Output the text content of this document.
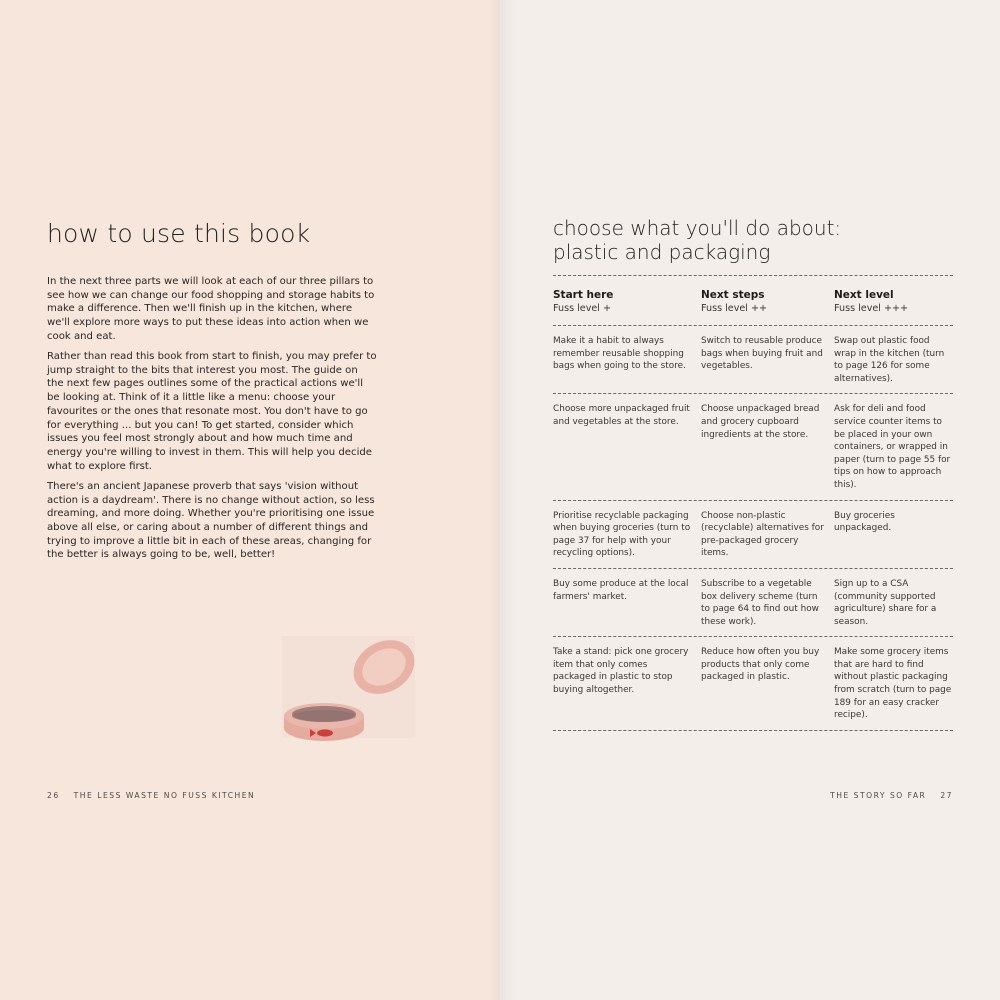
how to use this book

In the next three parts we will look at each of our three pillars to see how we can change our food shopping and storage habits to make a difference. Then we'll finish up in the kitchen, where we'll explore more ways to put these ideas into action when we cook and eat.

Rather than read this book from start to finish, you may prefer to jump straight to the bits that interest you most. The guide on the next few pages outlines some of the practical actions we'll be looking at. Think of it a little like a menu: choose your favourites or the ones that resonate most. You don't have to go for everything ... but you can! To get started, consider which issues you feel most strongly about and how much time and energy you're willing to invest in them. This will help you decide what to explore first.

There's an ancient Japanese proverb that says 'vision without action is a daydream'. There is no change without action, so less dreaming, and more doing. Whether you're prioritising one issue above all else, or caring about a number of different things and trying to improve a little bit in each of these areas, changing for the better is always going to be, well, better!

26 THE LESS WASTE NO FUSS KITCHEN	THE STORY SO FAR 27
choose what you'll do about:
plastic and packaging
Start here
Fuss level +
Next steps
Fuss level ++
Next level
Fuss level +++
Make it a habit to always remember reusable shopping bags when going to the store.
Switch to reusable produce bags when buying fruit and vegetables.
Swap out plastic food wrap in the kitchen (turn to page 126 for some alternatives).
Choose more unpackaged fruit and vegetables at the store.
Choose unpackaged bread and grocery cupboard ingredients at the store.
Ask for deli and food service counter items to be placed in your own containers, or wrapped in paper (turn to page 55 for tips on how to approach this).
Prioritise recyclable packaging when buying groceries (turn to page 37 for help with your recycling options).
Choose non-plastic (recyclable) alternatives for pre-packaged grocery items.
Buy groceries unpackaged.
Buy some produce at the local farmers' market.
Subscribe to a vegetable box delivery scheme (turn to page 64 to find out how these work).
Sign up to a CSA (community supported agriculture) share for a season.
Take a stand: pick one grocery item that only comes packaged in plastic to stop buying altogether.
Reduce how often you buy products that only come packaged in plastic.
Make some grocery items that are hard to find without plastic packaging from scratch (turn to page 189 for an easy cracker recipe).
